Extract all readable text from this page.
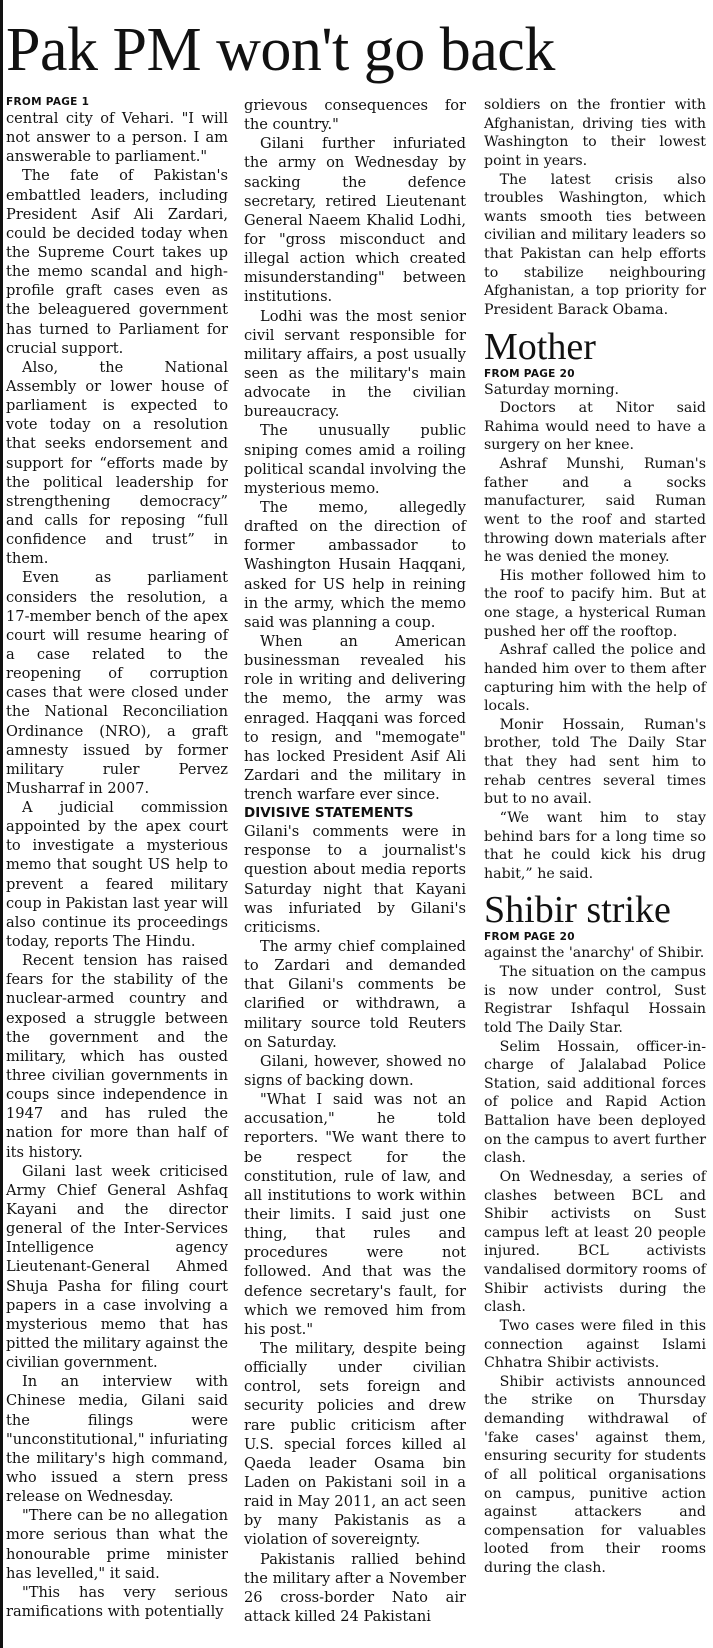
Pak PM won't go back
FROM PAGE 1

central city of Vehari. "I will not answer to a person. I am answerable to parliament."

The fate of Pakistan's embattled leaders, including President Asif Ali Zardari, could be decided today when the Supreme Court takes up the memo scandal and high-profile graft cases even as the beleaguered government has turned to Parliament for crucial support.

Also, the National Assembly or lower house of parliament is expected to vote today on a resolution that seeks endorsement and support for “efforts made by the political leadership for strengthening democracy” and calls for reposing “full confidence and trust” in them.

Even as parliament considers the resolution, a 17-member bench of the apex court will resume hearing of a case related to the reopening of corruption cases that were closed under the National Reconciliation Ordinance (NRO), a graft amnesty issued by former military ruler Pervez Musharraf in 2007.

A judicial commission appointed by the apex court to investigate a mysterious memo that sought US help to prevent a feared military coup in Pakistan last year will also continue its proceedings today, reports The Hindu.

Recent tension has raised fears for the stability of the nuclear-armed country and exposed a struggle between the government and the military, which has ousted three civilian governments in coups since independence in 1947 and has ruled the nation for more than half of its history.

Gilani last week criticised Army Chief General Ashfaq Kayani and the director general of the Inter-Services Intelligence agency Lieutenant-General Ahmed Shuja Pasha for filing court papers in a case involving a mysterious memo that has pitted the military against the civilian government.

In an interview with Chinese media, Gilani said the filings were "unconstitutional," infuriating the military's high command, who issued a stern press release on Wednesday.

"There can be no allegation more serious than what the honourable prime minister has levelled," it said.

"This has very serious ramifications with potentially

grievous consequences for the country."

Gilani further infuriated the army on Wednesday by sacking the defence secretary, retired Lieutenant General Naeem Khalid Lodhi, for "gross misconduct and illegal action which created misunderstanding" between institutions.

Lodhi was the most senior civil servant responsible for military affairs, a post usually seen as the military's main advocate in the civilian bureaucracy.

The unusually public sniping comes amid a roiling political scandal involving the mysterious memo.

The memo, allegedly drafted on the direction of former ambassador to Washington Husain Haqqani, asked for US help in reining in the army, which the memo said was planning a coup.

When an American businessman revealed his role in writing and delivering the memo, the army was enraged. Haqqani was forced to resign, and "memogate" has locked President Asif Ali Zardari and the military in trench warfare ever since.

DIVISIVE STATEMENTS

Gilani's comments were in response to a journalist's question about media reports Saturday night that Kayani was infuriated by Gilani's criticisms.

The army chief complained to Zardari and demanded that Gilani's comments be clarified or withdrawn, a military source told Reuters on Saturday.

Gilani, however, showed no signs of backing down.

"What I said was not an accusation," he told reporters. "We want there to be respect for the constitution, rule of law, and all institutions to work within their limits. I said just one thing, that rules and procedures were not followed. And that was the defence secretary's fault, for which we removed him from his post."

The military, despite being officially under civilian control, sets foreign and security policies and drew rare public criticism after U.S. special forces killed al Qaeda leader Osama bin Laden on Pakistani soil in a raid in May 2011, an act seen by many Pakistanis as a violation of sovereignty.

Pakistanis rallied behind the military after a November 26 cross-border Nato air attack killed 24 Pakistani

soldiers on the frontier with Afghanistan, driving ties with Washington to their lowest point in years.

The latest crisis also troubles Washington, which wants smooth ties between civilian and military leaders so that Pakistan can help efforts to stabilize neighbouring Afghanistan, a top priority for President Barack Obama.

Mother
FROM PAGE 20

Saturday morning.

Doctors at Nitor said Rahima would need to have a surgery on her knee.

Ashraf Munshi, Ruman's father and a socks manufacturer, said Ruman went to the roof and started throwing down materials after he was denied the money.

His mother followed him to the roof to pacify him. But at one stage, a hysterical Ruman pushed her off the rooftop.

Ashraf called the police and handed him over to them after capturing him with the help of locals.

Monir Hossain, Ruman's brother, told The Daily Star that they had sent him to rehab centres several times but to no avail.

“We want him to stay behind bars for a long time so that he could kick his drug habit,” he said.

Shibir strike
FROM PAGE 20

against the 'anarchy' of Shibir.

The situation on the campus is now under control, Sust Registrar Ishfaqul Hossain told The Daily Star.

Selim Hossain, officer-in-charge of Jalalabad Police Station, said additional forces of police and Rapid Action Battalion have been deployed on the campus to avert further clash.

On Wednesday, a series of clashes between BCL and Shibir activists on Sust campus left at least 20 people injured. BCL activists vandalised dormitory rooms of Shibir activists during the clash.

Two cases were filed in this connection against Islami Chhatra Shibir activists.

Shibir activists announced the strike on Thursday demanding withdrawal of 'fake cases' against them, ensuring security for students of all political organisations on campus, punitive action against attackers and compensation for valuables looted from their rooms during the clash.
